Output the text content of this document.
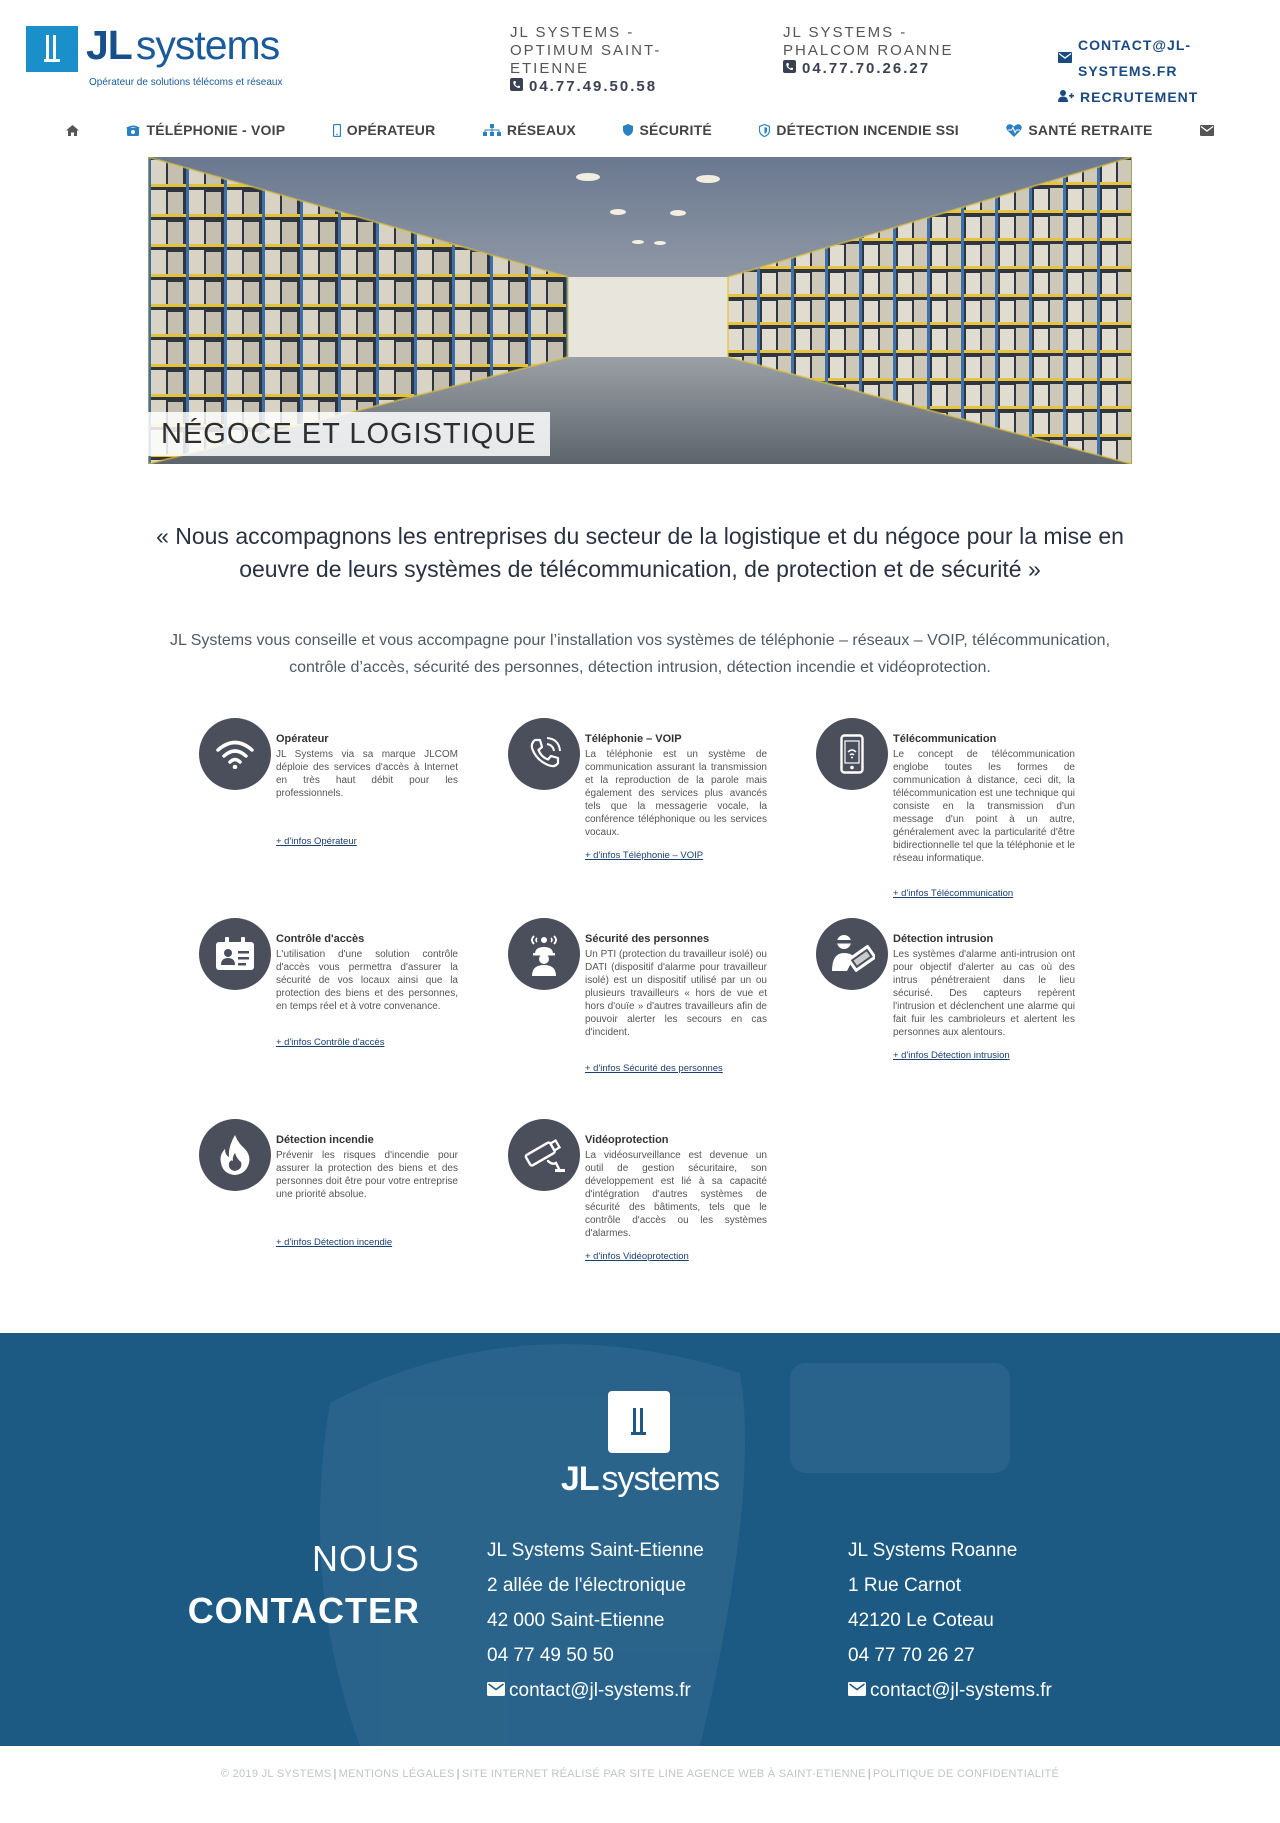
JLsystems
Opérateur de solutions télécoms et réseaux
JL SYSTEMS - OPTIMUM SAINT-ETIENNE
04.77.49.50.58
JL SYSTEMS - PHALCOM ROANNE
04.77.70.26.27
CONTACT@JL-SYSTEMS.FR
RECRUTEMENT
TÉLÉPHONIE - VOIP	OPÉRATEUR	RÉSEAUX	SÉCURITÉ	DÉTECTION INCENDIE SSI	SANTÉ RETRAITE
NÉGOCE ET LOGISTIQUE
« Nous accompagnons les entreprises du secteur de la logistique et du négoce pour la mise en oeuvre de leurs systèmes de télécommunication, de protection et de sécurité »
JL Systems vous conseille et vous accompagne pour l’installation vos systèmes de téléphonie – réseaux – VOIP, télécommunication, contrôle d’accès, sécurité des personnes, détection intrusion, détection incendie et vidéoprotection.
Opérateur
JL Systems via sa marque JLCOM déploie des services d'accès à Internet en très haut débit pour les professionnels.
+ d'infos Opérateur
Téléphonie – VOIP
La téléphonie est un système de communication assurant la transmission et la reproduction de la parole mais également des services plus avancés tels que la messagerie vocale, la conférence téléphonique ou les services vocaux.
+ d'infos Téléphonie – VOIP
Télécommunication
Le concept de télécommunication englobe toutes les formes de communication à distance, ceci dit, la télécommunication est une technique qui consiste en la transmission d'un message d'un point à un autre, généralement avec la particularité d'être bidirectionnelle tel que la téléphonie et le réseau informatique.
+ d'infos Télécommunication
Contrôle d'accès
L'utilisation d'une solution contrôle d'accès vous permettra d'assurer la sécurité de vos locaux ainsi que la protection des biens et des personnes, en temps réel et à votre convenance.
+ d'infos Contrôle d'accès
Sécurité des personnes
Un PTI (protection du travailleur isolé) ou DATI (dispositif d'alarme pour travailleur isolé) est un dispositif utilisé par un ou plusieurs travailleurs « hors de vue et hors d'ouïe » d'autres travailleurs afin de pouvoir alerter les secours en cas d'incident.
+ d'infos Sécurité des personnes
Détection intrusion
Les systèmes d'alarme anti-intrusion ont pour objectif d'alerter au cas où des intrus pénétreraient dans le lieu sécurisé. Des capteurs repèrent l'intrusion et déclenchent une alarme qui fait fuir les cambrioleurs et alertent les personnes aux alentours.
+ d'infos Détection intrusion
Détection incendie
Prévenir les risques d'incendie pour assurer la protection des biens et des personnes doit être pour votre entreprise une priorité absolue.
+ d'infos Détection incendie
Vidéoprotection
La vidéosurveillance est devenue un outil de gestion sécuritaire, son développement est lié à sa capacité d'intégration d'autres systèmes de sécurité des bâtiments, tels que le contrôle d'accès ou les systèmes d'alarmes.
+ d'infos Vidéoprotection
JLsystems
NOUS
CONTACTER
JL Systems Saint-Etienne
2 allée de l'électronique
42 000 Saint-Etienne
04 77 49 50 50
contact@jl-systems.fr
JL Systems Roanne
1 Rue Carnot
42120 Le Coteau
04 77 70 26 27
contact@jl-systems.fr
© 2019 JL SYSTEMS | MENTIONS LÉGALES | SITE INTERNET RÉALISÉ PAR SITE LINE AGENCE WEB À SAINT-ETIENNE | POLITIQUE DE CONFIDENTIALITÉ
